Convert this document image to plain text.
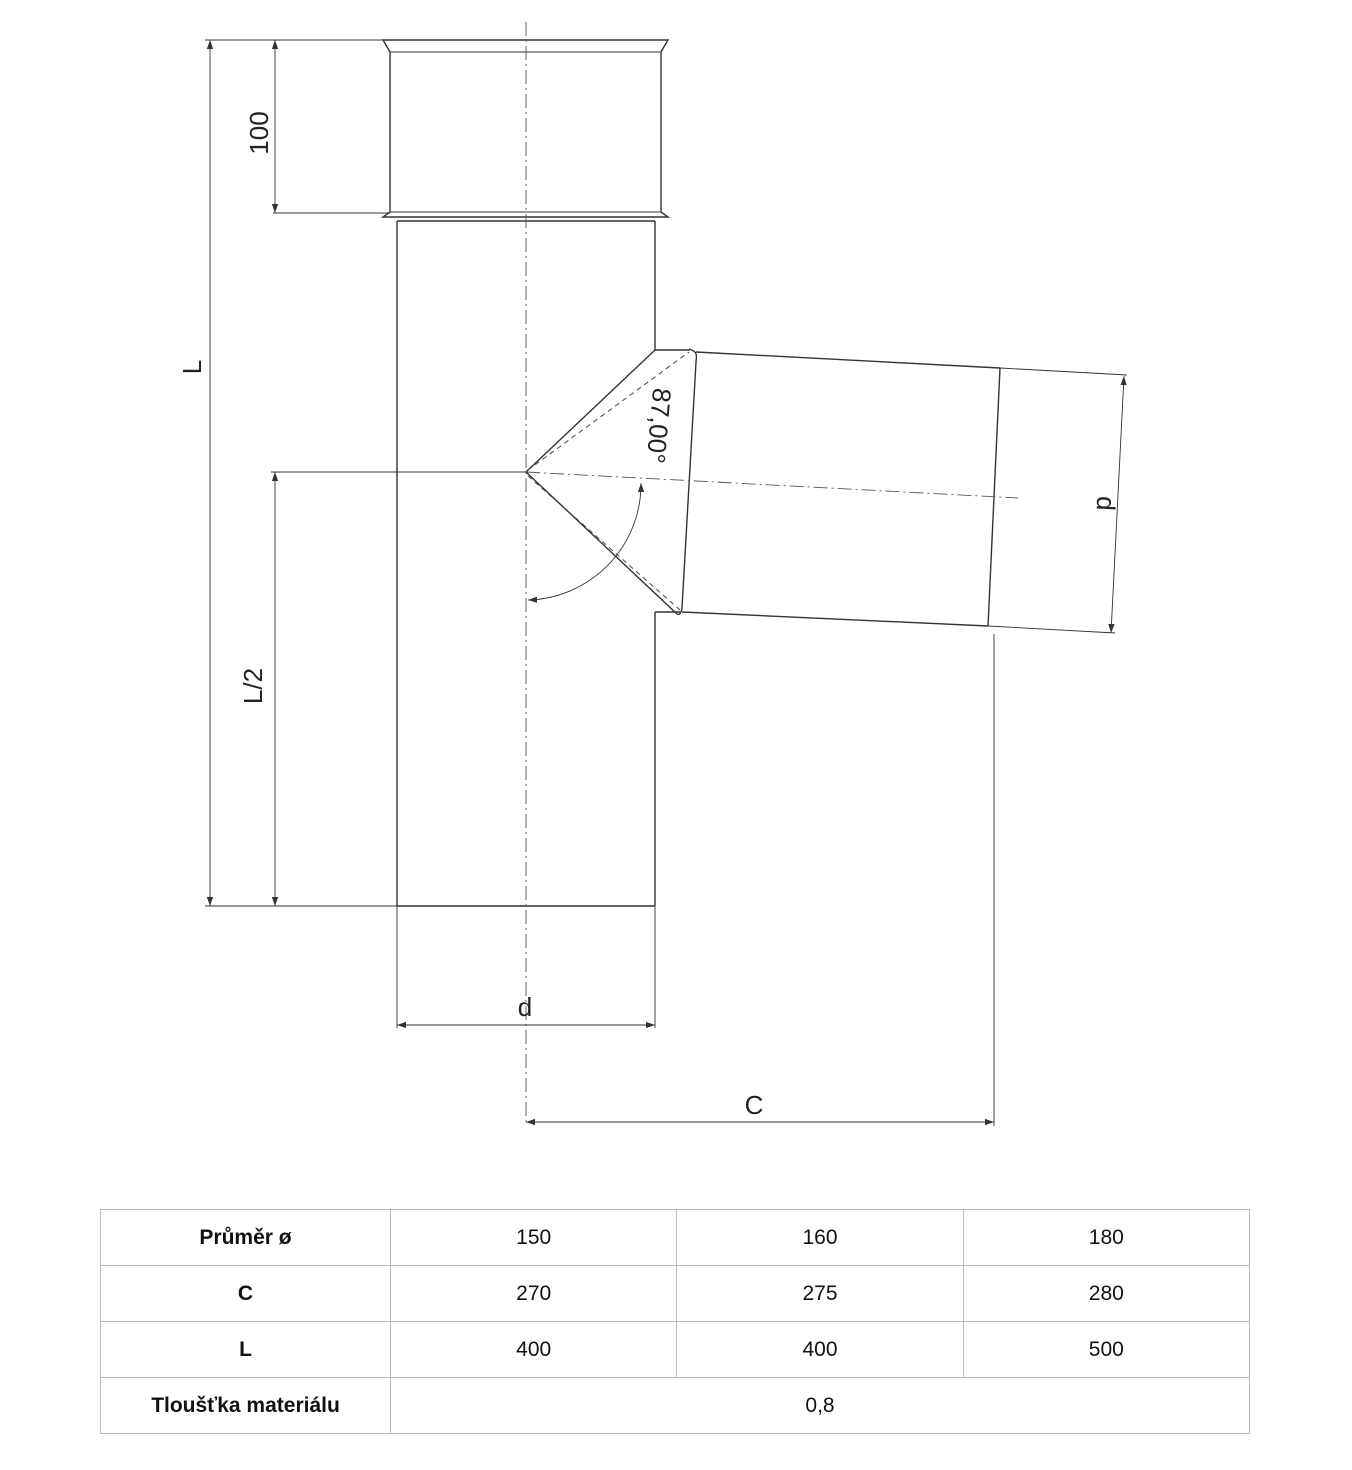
100
L
L/2
87,00°
d
d
C
Průměr ø	150	160	180
C	270	275	280
L	400	400	500
Tloušťka materiálu	0,8		
